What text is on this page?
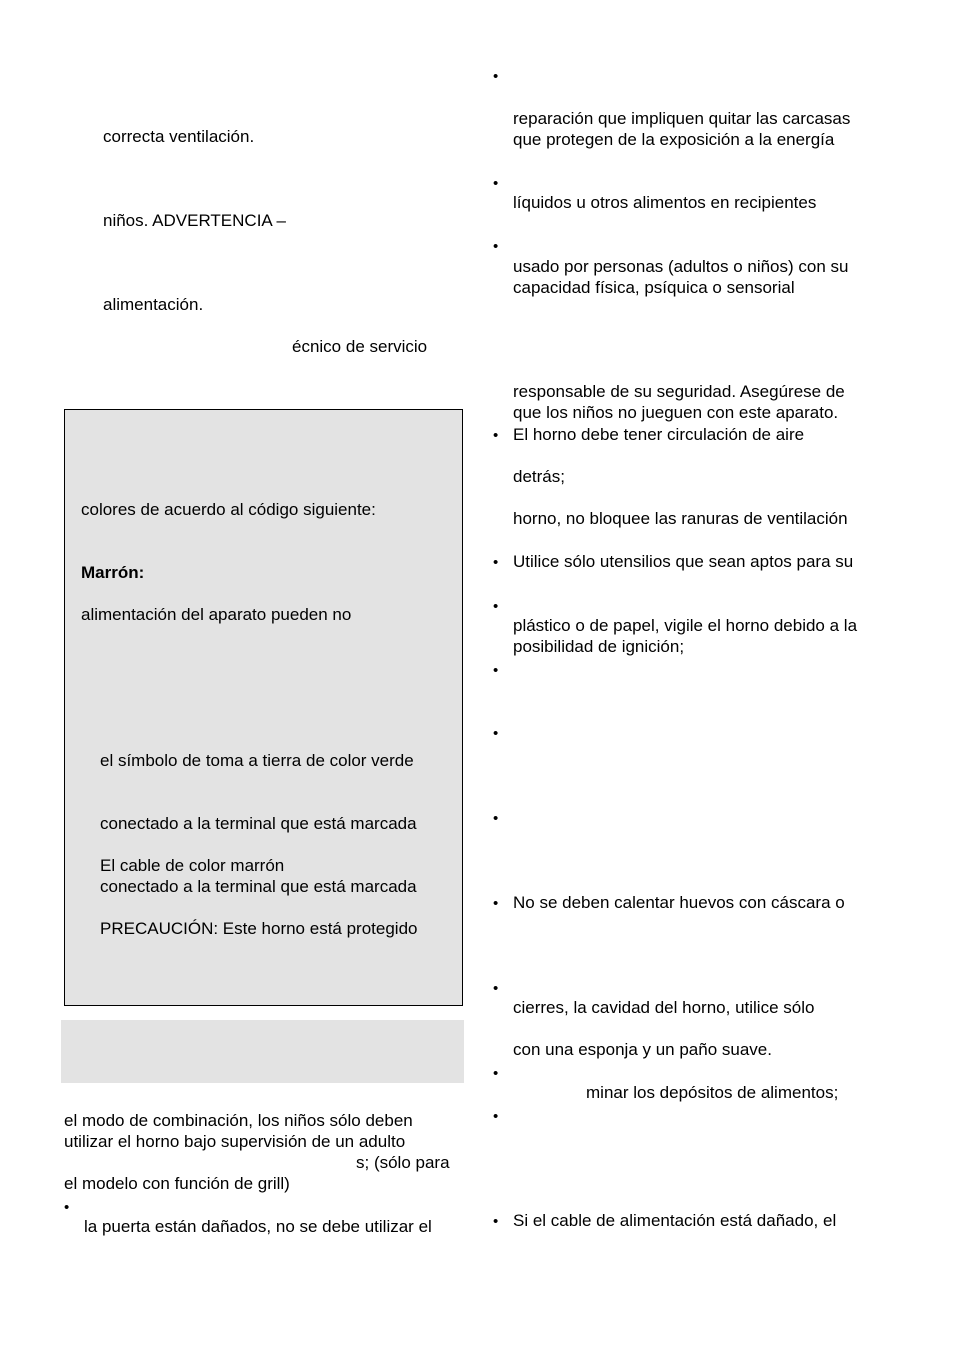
correcta ventilación.
niños. ADVERTENCIA –
alimentación.
écnico de servicio
colores de acuerdo al código siguiente:
Marrón:
alimentación del aparato pueden no
el símbolo de toma a tierra de color verde
conectado a la terminal que está marcada
El cable de color marrón
conectado a la terminal que está marcada
PRECAUCIÓN: Este horno está protegido
el modo de combinación, los niños sólo deben
utilizar el horno bajo supervisión de un adulto
s; (sólo para
el modelo con función de grill)
•
la puerta están dañados, no se debe utilizar el
•
•
•
•
•
•
•
•
•
•
•
•
•
•
reparación que impliquen quitar las carcasas
que protegen de la exposición a la energía
líquidos u otros alimentos en recipientes
usado por personas (adultos o niños) con su
capacidad física, psíquica o sensorial
responsable de su seguridad. Asegúrese de
que los niños no jueguen con este aparato.
El horno debe tener circulación de aire
detrás;
horno, no bloquee las ranuras de ventilación
Utilice sólo utensilios que sean aptos para su
plástico o de papel, vigile el horno debido a la
posibilidad de ignición;
No se deben calentar huevos con cáscara o
cierres, la cavidad del horno, utilice sólo
con una esponja y un paño suave.
minar los depósitos de alimentos;
Si el cable de alimentación está dañado, el
